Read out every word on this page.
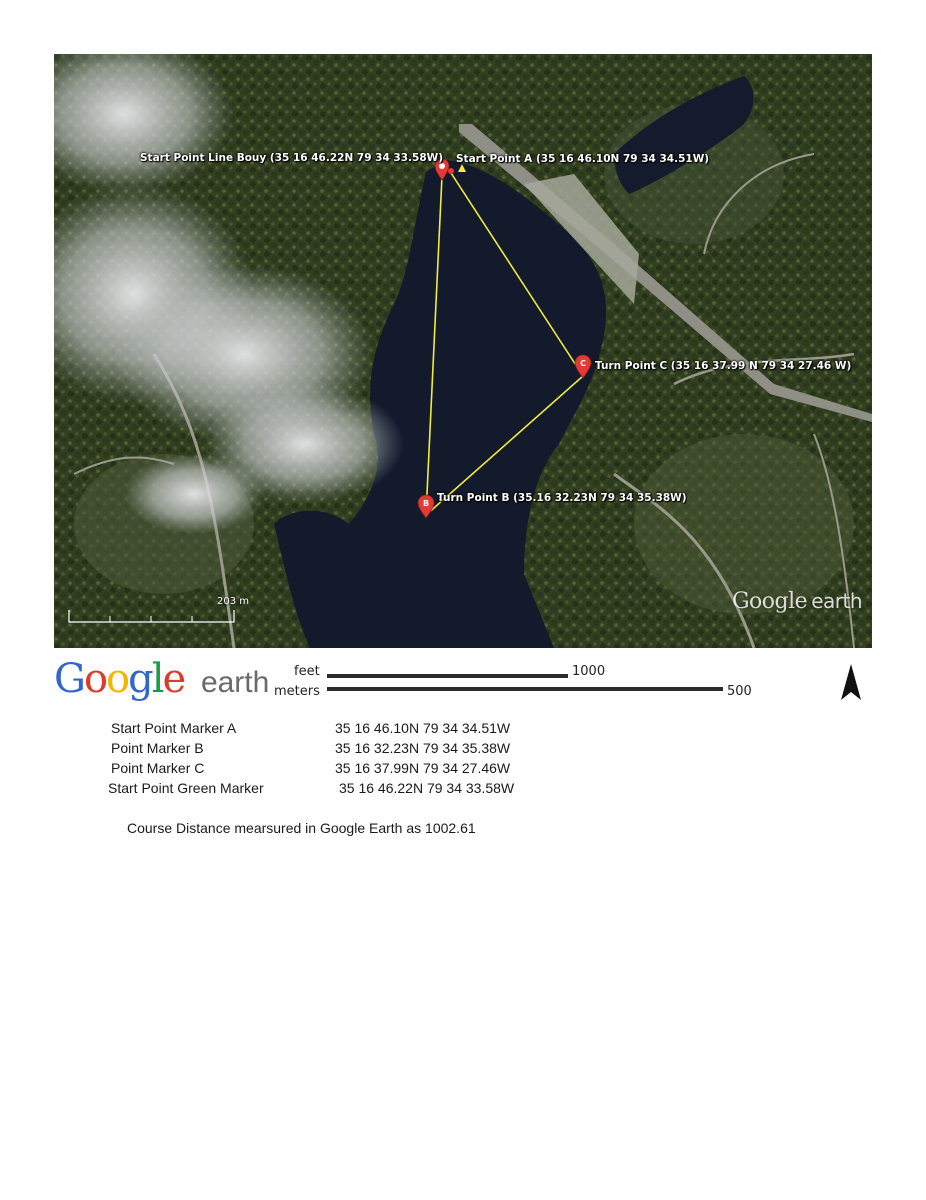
C
B
Start Point Line Bouy (35 16 46.22N 79 34 33.58W) Start Point A (35 16 46.10N 79 34 34.51W)
Turn Point C (35 16 37.99 N 79 34 27.46 W)
Turn Point B (35.16 32.23N 79 34 35.38W)
203 m	Google earth
Google earth feet	1000
meters	500
Start Point Marker A	35 16 46.10N 79 34 34.51W
Point Marker B	35 16 32.23N 79 34 35.38W
Point Marker C	35 16 37.99N 79 34 27.46W
Start Point Green Marker	35 16 46.22N 79 34 33.58W
Course Distance mearsured in Google Earth as 1002.61
